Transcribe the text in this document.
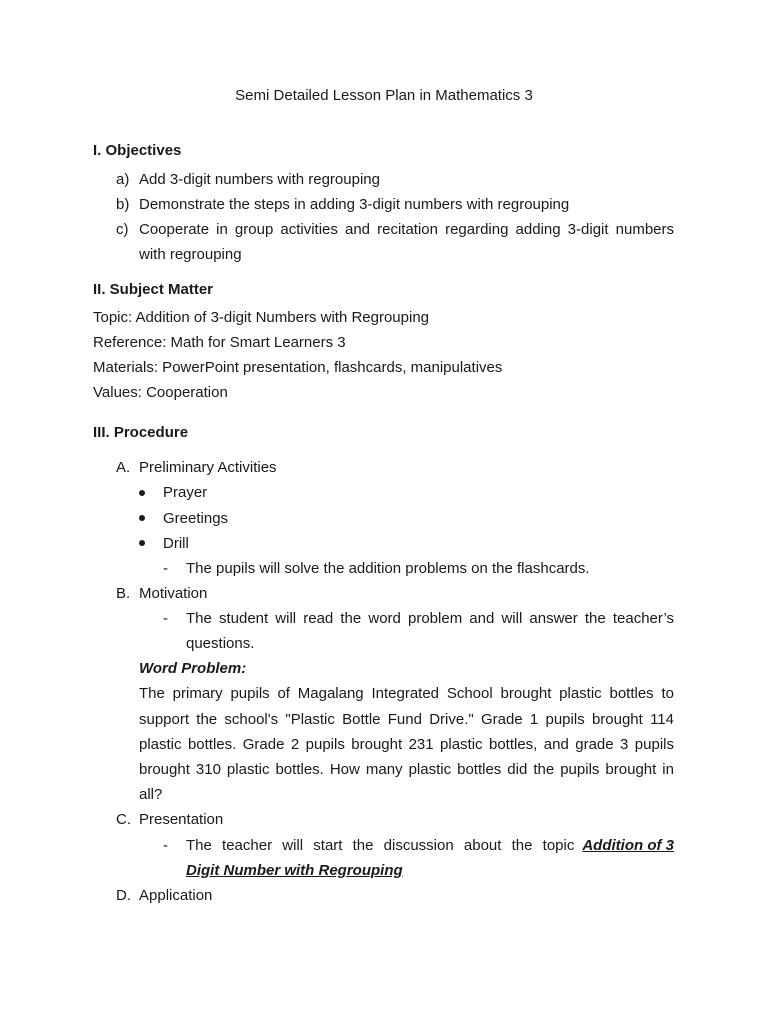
Semi Detailed Lesson Plan in Mathematics 3
I. Objectives
a) Add 3-digit numbers with regrouping
b) Demonstrate the steps in adding 3-digit numbers with regrouping
c) Cooperate in group activities and recitation regarding adding 3-digit numbers
with regrouping
II. Subject Matter
Topic: Addition of 3-digit Numbers with Regrouping
Reference: Math for Smart Learners 3
Materials: PowerPoint presentation, flashcards, manipulatives
Values: Cooperation
III. Procedure
A. Preliminary Activities
Prayer
Greetings
Drill
- The pupils will solve the addition problems on the flashcards.
B. Motivation
- The student will read the word problem and will answer the teacher’s
questions.
Word Problem:
The primary pupils of Magalang Integrated School brought plastic bottles to
support the school's "Plastic Bottle Fund Drive." Grade 1 pupils brought 114
plastic bottles. Grade 2 pupils brought 231 plastic bottles, and grade 3 pupils
brought 310 plastic bottles. How many plastic bottles did the pupils brought in
all?
C. Presentation
- The teacher will start the discussion about the topic Addition of 3
Digit Number with Regrouping
D. Application
